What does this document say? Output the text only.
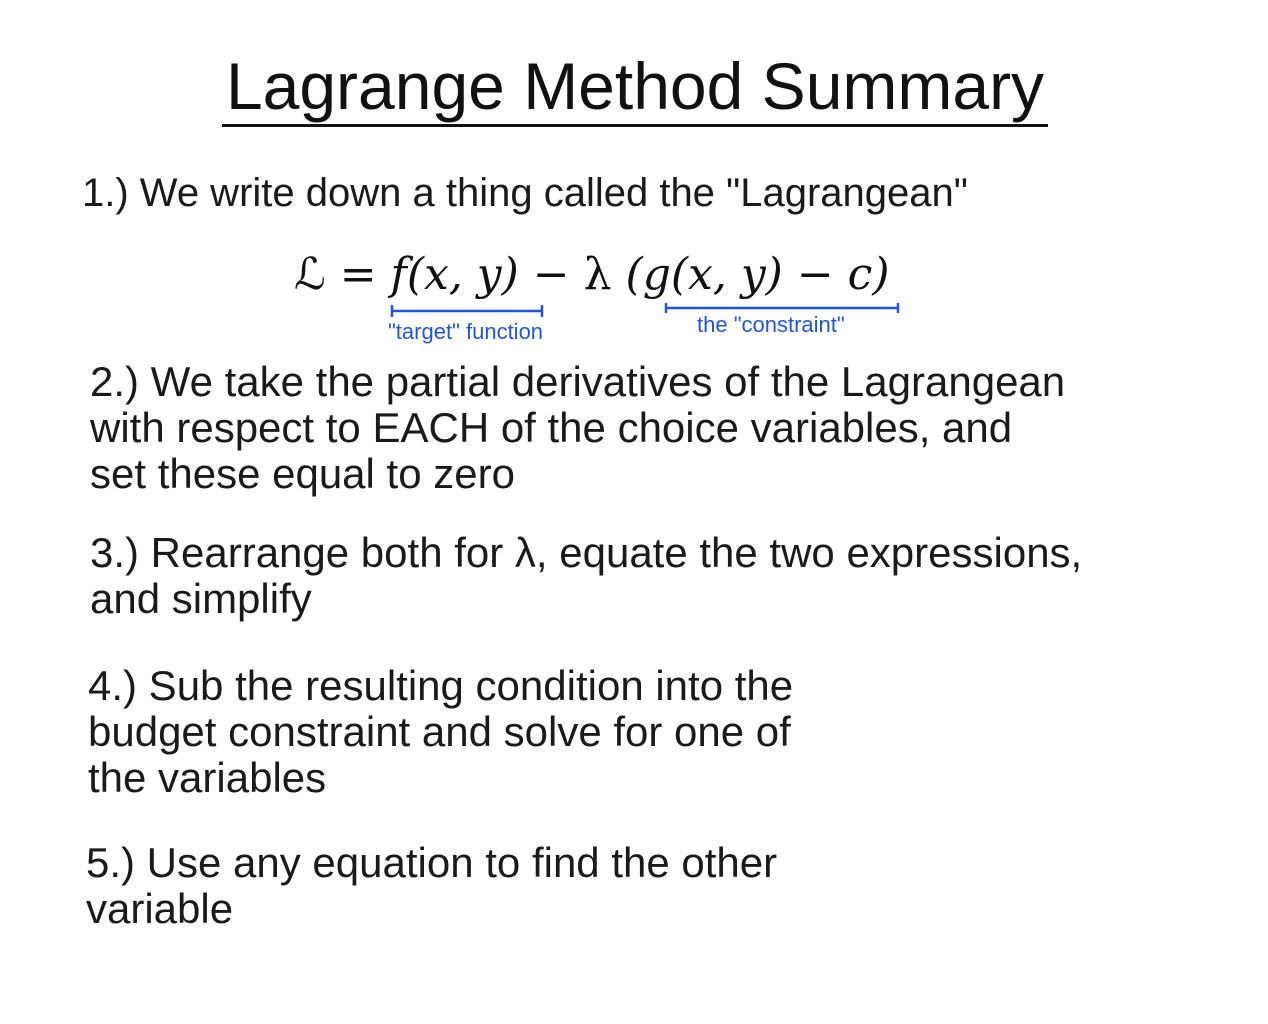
Lagrange Method Summary
1.) We write down a thing called the "Lagrangean"
ℒ = f(x, y) − λ (g(x, y) − c)
"target" function	the "constraint"
2.) We take the partial derivatives of the Lagrangean
with respect to EACH of the choice variables, and
set these equal to zero
3.) Rearrange both for λ, equate the two expressions,
and simplify
4.) Sub the resulting condition into the
budget constraint and solve for one of
the variables
5.) Use any equation to find the other
variable
